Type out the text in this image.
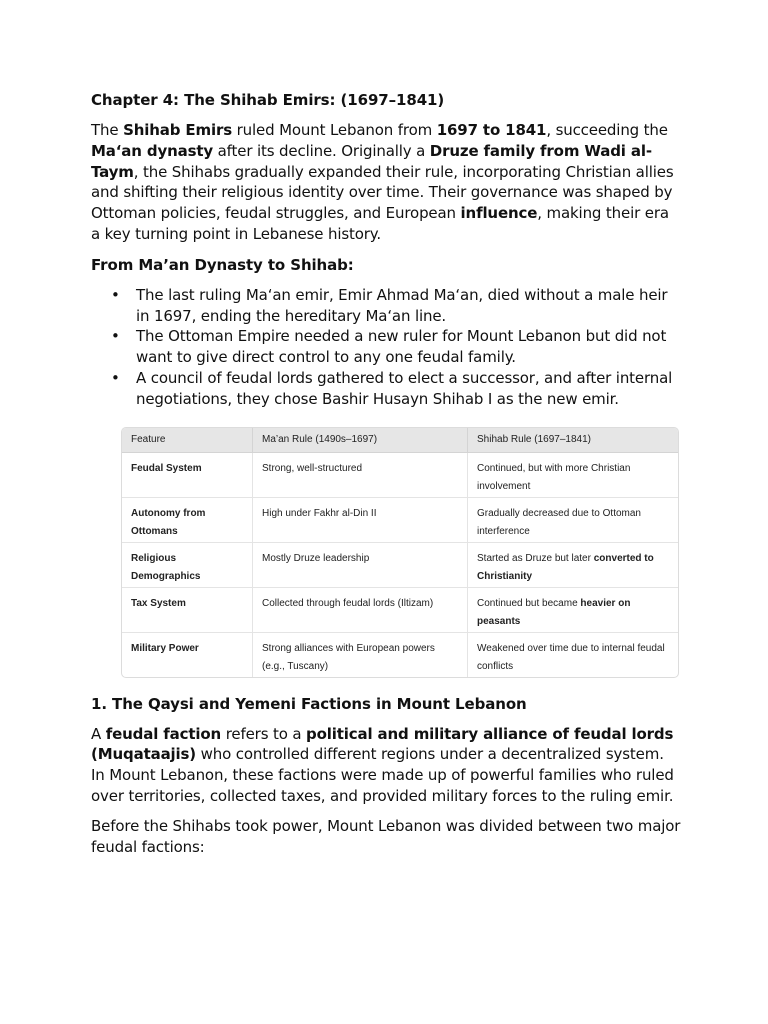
Chapter 4: The Shihab Emirs: (1697–1841)

The Shihab Emirs ruled Mount Lebanon from 1697 to 1841, succeeding the Ma‘an dynasty after its decline. Originally a Druze family from Wadi al-Taym, the Shihabs gradually expanded their rule, incorporating Christian allies and shifting their religious identity over time. Their governance was shaped by Ottoman policies, feudal struggles, and European influence, making their era a key turning point in Lebanese history.

From Ma’an Dynasty to Shihab:
• The last ruling Ma‘an emir, Emir Ahmad Ma‘an, died without a male heir in 1697, ending the hereditary Ma‘an line.
• The Ottoman Empire needed a new ruler for Mount Lebanon but did not want to give direct control to any one feudal family.
• A council of feudal lords gathered to elect a successor, and after internal negotiations, they chose Bashir Husayn Shihab I as the new emir.
Feature	Ma’an Rule (1490s–1697)	Shihab Rule (1697–1841)
Feudal System	Strong, well-structured	Continued, but with more Christian involvement
Autonomy from Ottomans	High under Fakhr al-Din II	Gradually decreased due to Ottoman interference
Religious Demographics	Mostly Druze leadership	Started as Druze but later converted to Christianity
Tax System	Collected through feudal lords (Iltizam)	Continued but became heavier on peasants
Military Power	Strong alliances with European powers (e.g., Tuscany)	Weakened over time due to internal feudal conflicts
1. The Qaysi and Yemeni Factions in Mount Lebanon

A feudal faction refers to a political and military alliance of feudal lords (Muqataajis) who controlled different regions under a decentralized system. In Mount Lebanon, these factions were made up of powerful families who ruled over territories, collected taxes, and provided military forces to the ruling emir.

Before the Shihabs took power, Mount Lebanon was divided between two major feudal factions:
